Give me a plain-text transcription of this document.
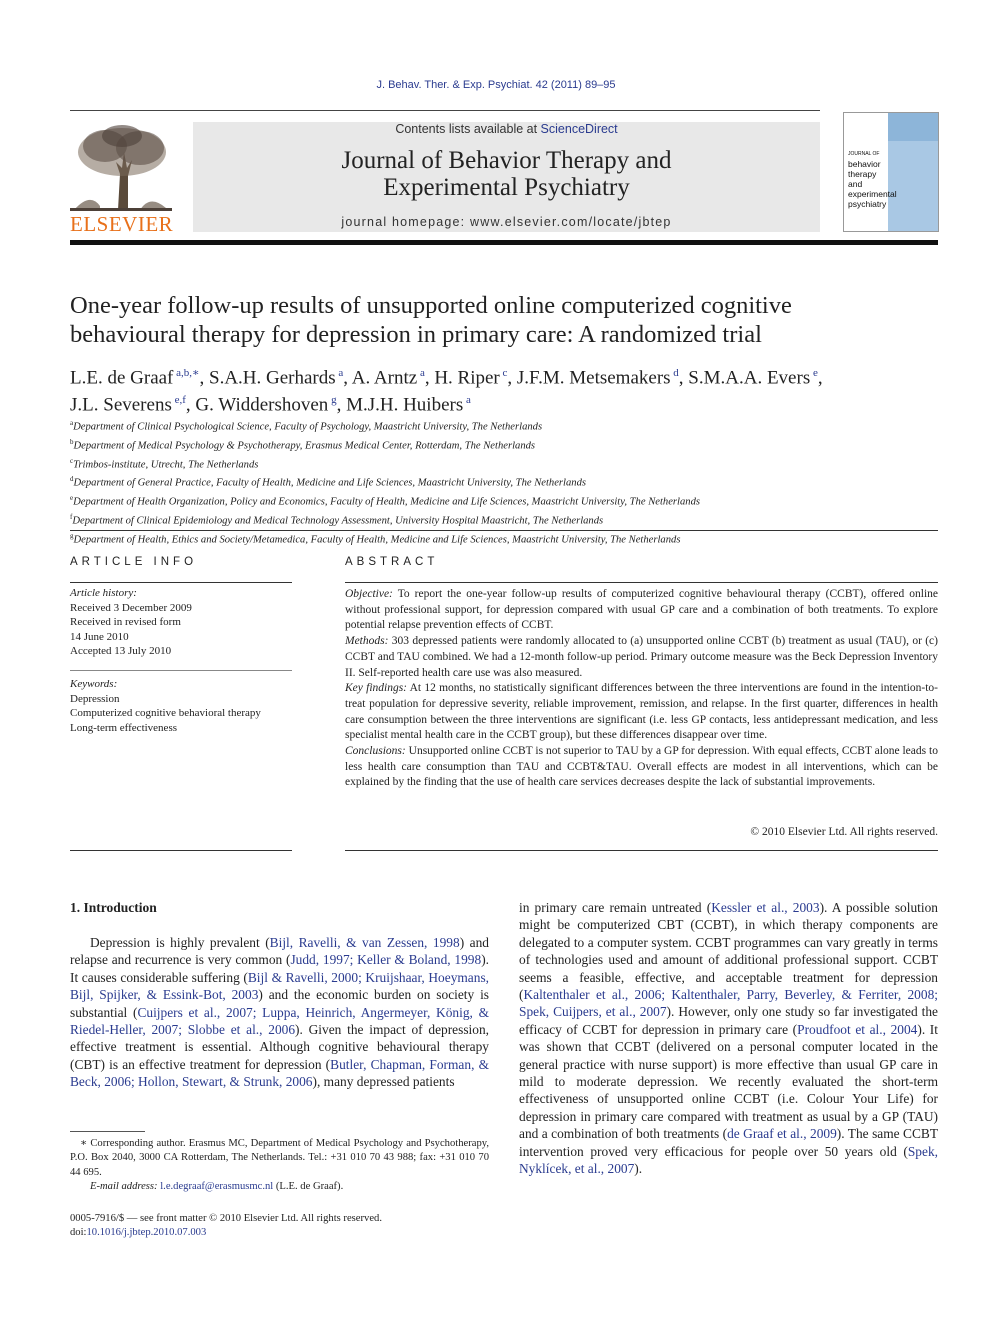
J. Behav. Ther. & Exp. Psychiat. 42 (2011) 89–95
ELSEVIER
Contents lists available at ScienceDirect
Journal of Behavior Therapy and
Experimental Psychiatry
journal homepage: www.elsevier.com/locate/jbtep
JOURNAL OF
behavior
therapy
and
experimental
psychiatry
One-year follow-up results of unsupported online computerized cognitive
behavioural therapy for depression in primary care: A randomized trial
L.E. de Graaf $^{a,b,∗}$, S.A.H. Gerhards $^a$, A. Arntz $^a$, H. Riper $^c$, J.F.M. Metsemakers $^d$, S.M.A.A. Evers $^e$,
J.L. Severens $^{e,f}$, G. Widdershoven $^g$, M.J.H. Huibers $^a$
$^a$Department of Clinical Psychological Science, Faculty of Psychology, Maastricht University, The Netherlands
$^b$Department of Medical Psychology & Psychotherapy, Erasmus Medical Center, Rotterdam, The Netherlands
$^c$Trimbos-institute, Utrecht, The Netherlands
$^d$Department of General Practice, Faculty of Health, Medicine and Life Sciences, Maastricht University, The Netherlands
$^e$Department of Health Organization, Policy and Economics, Faculty of Health, Medicine and Life Sciences, Maastricht University, The Netherlands
$^f$Department of Clinical Epidemiology and Medical Technology Assessment, University Hospital Maastricht, The Netherlands
$^g$Department of Health, Ethics and Society/Metamedica, Faculty of Health, Medicine and Life Sciences, Maastricht University, The Netherlands
ARTICLE INFO
Article history:
Received 3 December 2009
Received in revised form
14 June 2010
Accepted 13 July 2010
Keywords:
Depression
Computerized cognitive behavioral therapy
Long-term effectiveness
ABSTRACT
Objective: To report the one-year follow-up results of computerized cognitive behavioural therapy (CCBT), offered online without professional support, for depression compared with usual GP care and a combination of both treatments. To explore potential relapse prevention effects of CCBT.
Methods: 303 depressed patients were randomly allocated to (a) unsupported online CCBT (b) treatment as usual (TAU), or (c) CCBT and TAU combined. We had a 12-month follow-up period. Primary outcome measure was the Beck Depression Inventory II. Self-reported health care use was also measured.
Key findings: At 12 months, no statistically significant differences between the three interventions are found in the intention-to-treat population for depressive severity, reliable improvement, remission, and relapse. In the first quarter, differences in health care consumption between the three interventions are significant (i.e. less GP contacts, less antidepressant medication, and less specialist mental health care in the CCBT group), but these differences disappear over time.
Conclusions: Unsupported online CCBT is not superior to TAU by a GP for depression. With equal effects, CCBT alone leads to less health care consumption than TAU and CCBT&TAU. Overall effects are modest in all interventions, which can be explained by the finding that the use of health care services decreases despite the lack of substantial improvements.
© 2010 Elsevier Ltd. All rights reserved.
1. Introduction

Depression is highly prevalent (Bijl, Ravelli, & van Zessen, 1998) and relapse and recurrence is very common (Judd, 1997; Keller & Boland, 1998). It causes considerable suffering (Bijl & Ravelli, 2000; Kruijshaar, Hoeymans, Bijl, Spijker, & Essink-Bot, 2003) and the economic burden on society is substantial (Cuijpers et al., 2007; Luppa, Heinrich, Angermeyer, König, & Riedel-Heller, 2007; Slobbe et al., 2006). Given the impact of depression, effective treatment is essential. Although cognitive behavioural therapy (CBT) is an effective treatment for depression (Butler, Chapman, Forman, & Beck, 2006; Hollon, Stewart, & Strunk, 2006), many depressed patients

in primary care remain untreated (Kessler et al., 2003). A possible solution might be computerized CBT (CCBT), in which therapy components are delegated to a computer system. CCBT programmes can vary greatly in terms of technologies used and amount of additional professional support. CCBT seems a feasible, effective, and acceptable treatment for depression (Kaltenthaler et al., 2006; Kaltenthaler, Parry, Beverley, & Ferriter, 2008; Spek, Cuijpers, et al., 2007). However, only one study so far investigated the efficacy of CCBT for depression in primary care (Proudfoot et al., 2004). It was shown that CCBT (delivered on a personal computer located in the general practice with nurse support) is more effective than usual GP care in mild to moderate depression. We recently evaluated the short-term effectiveness of unsupported online CCBT (i.e. Colour Your Life) for depression in primary care compared with treatment as usual by a GP (TAU) and a combination of both treatments (de Graaf et al., 2009). The same CCBT intervention proved very efficacious for people over 50 years old (Spek, Nyklícek, et al., 2007).

∗ Corresponding author. Erasmus MC, Department of Medical Psychology and Psychotherapy, P.O. Box 2040, 3000 CA Rotterdam, The Netherlands. Tel.: +31 010 70 43 988; fax: +31 010 70 44 695.
E-mail address: l.e.degraaf@erasmusmc.nl (L.E. de Graaf).
0005-7916/$ — see front matter © 2010 Elsevier Ltd. All rights reserved.
doi:10.1016/j.jbtep.2010.07.003
